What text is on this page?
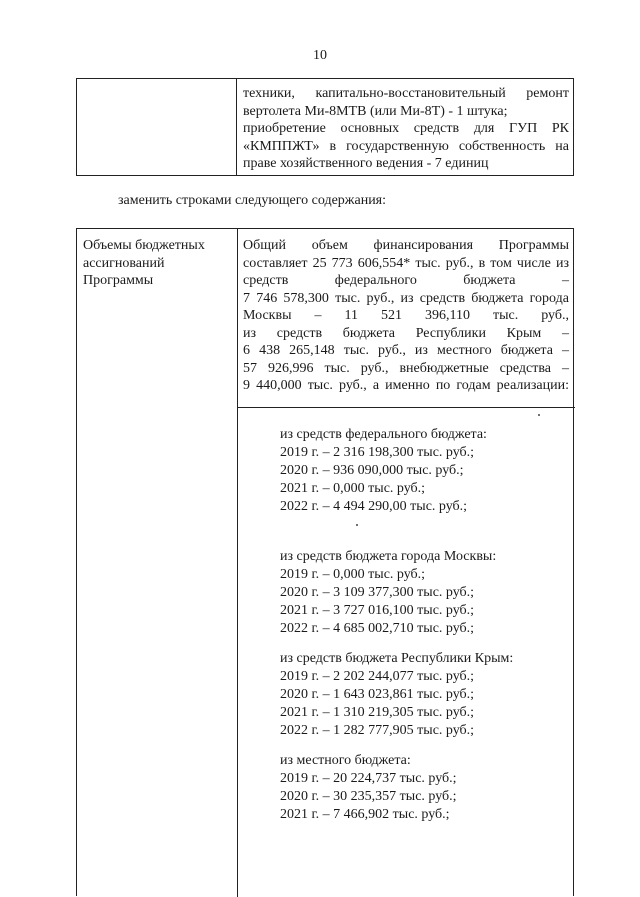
10
техники, капитально-восстановительный ремонт
вертолета Ми-8МТВ (или Ми-8Т) - 1 штука;
приобретение основных средств для ГУП РК
«КМППЖТ» в государственную собственность на
праве хозяйственного ведения - 7 единиц
заменить строками следующего содержания:
Объемы бюджетных
ассигнований
Программы
Общий объем финансирования Программы
составляет 25 773 606,554* тыс. руб., в том числе из
средств федерального бюджета –
7 746 578,300 тыс. руб., из средств бюджета города
Москвы – 11 521 396,110 тыс. руб.,
из средств бюджета Республики Крым –
6 438 265,148 тыс. руб., из местного бюджета –
57 926,996 тыс. руб., внебюджетные средства –
9 440,000 тыс. руб., а именно по годам реализации:
из средств федерального бюджета:
2019 г. – 2 316 198,300 тыс. руб.;
2020 г. – 936 090,000 тыс. руб.;
2021 г. – 0,000 тыс. руб.;
2022 г. – 4 494 290,00 тыс. руб.;
из средств бюджета города Москвы:
2019 г. – 0,000 тыс. руб.;
2020 г. – 3 109 377,300 тыс. руб.;
2021 г. – 3 727 016,100 тыс. руб.;
2022 г. – 4 685 002,710 тыс. руб.;
из средств бюджета Республики Крым:
2019 г. – 2 202 244,077 тыс. руб.;
2020 г. – 1 643 023,861 тыс. руб.;
2021 г. – 1 310 219,305 тыс. руб.;
2022 г. – 1 282 777,905 тыс. руб.;
из местного бюджета:
2019 г. – 20 224,737 тыс. руб.;
2020 г. – 30 235,357 тыс. руб.;
2021 г. – 7 466,902 тыс. руб.;
